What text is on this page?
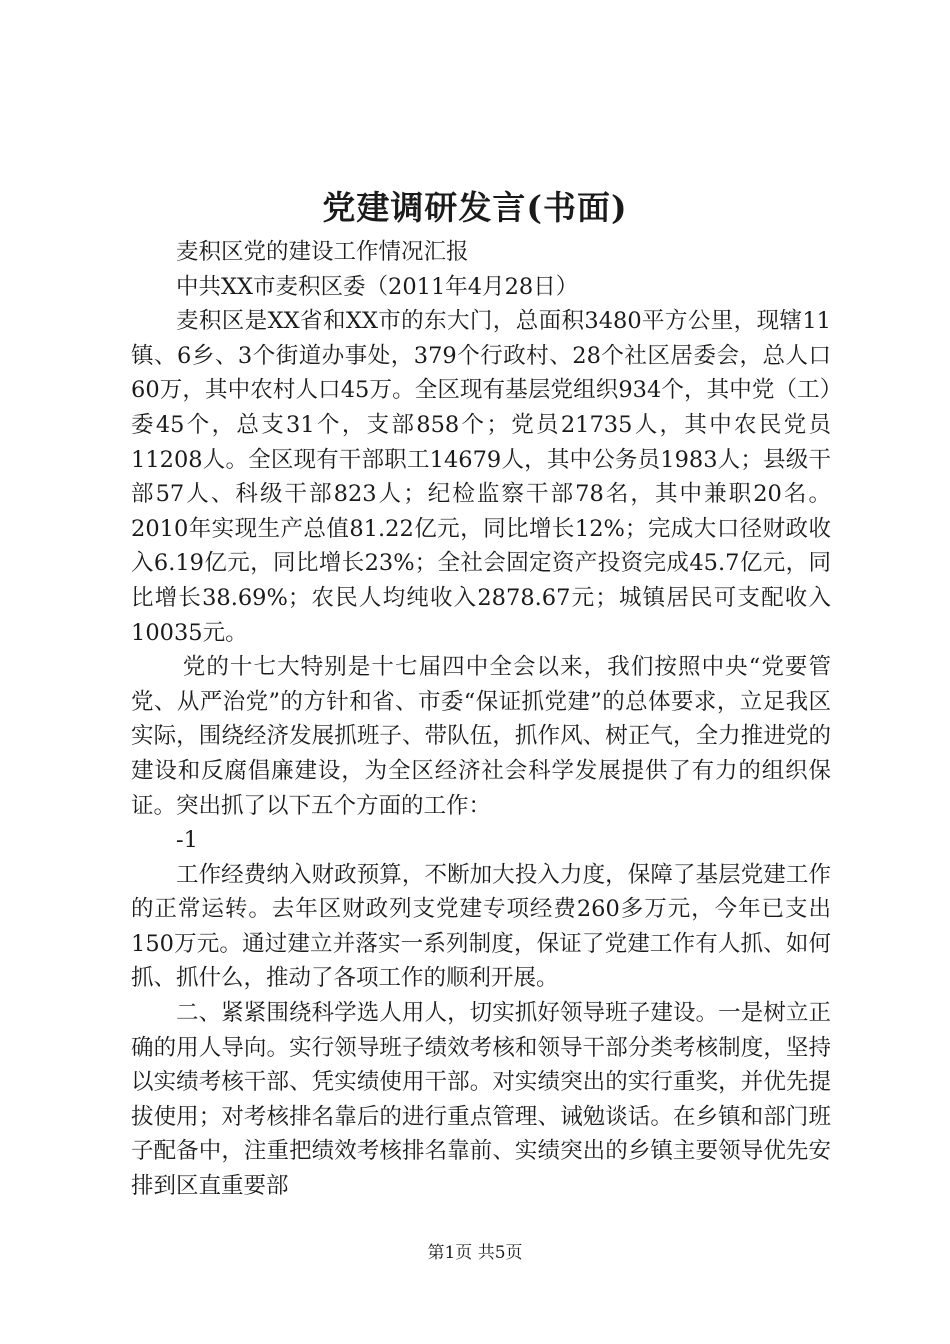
党建调研发言(书面)

麦积区党的建设工作情况汇报

中共XX市麦积区委（2011年4月28日）

麦积区是XX省和XX市的东大门，总面积3480平方公里，现辖11镇、6乡、3个街道办事处，379个行政村、28个社区居委会，总人口60万，其中农村人口45万。全区现有基层党组织934个，其中党（工）委45个，总支31个，支部858个；党员21735人，其中农民党员11208人。全区现有干部职工14679人，其中公务员1983人；县级干部57人、科级干部823人；纪检监察干部78名，其中兼职20名。2010年实现生产总值81.22亿元，同比增长12%；完成大口径财政收入6.19亿元，同比增长23%；全社会固定资产投资完成45.7亿元，同比增长38.69%；农民人均纯收入2878.67元；城镇居民可支配收入10035元。

党的十七大特别是十七届四中全会以来，我们按照中央“党要管党、从严治党”的方针和省、市委“保证抓党建”的总体要求，立足我区实际，围绕经济发展抓班子、带队伍，抓作风、树正气，全力推进党的建设和反腐倡廉建设，为全区经济社会科学发展提供了有力的组织保证。突出抓了以下五个方面的工作：

-1

工作经费纳入财政预算，不断加大投入力度，保障了基层党建工作的正常运转。去年区财政列支党建专项经费260多万元，今年已支出150万元。通过建立并落实一系列制度，保证了党建工作有人抓、如何抓、抓什么，推动了各项工作的顺利开展。

二、紧紧围绕科学选人用人，切实抓好领导班子建设。一是树立正确的用人导向。实行领导班子绩效考核和领导干部分类考核制度，坚持以实绩考核干部、凭实绩使用干部。对实绩突出的实行重奖，并优先提拔使用；对考核排名靠后的进行重点管理、诫勉谈话。在乡镇和部门班子配备中，注重把绩效考核排名靠前、实绩突出的乡镇主要领导优先安排到区直重要部

第1页 共5页
